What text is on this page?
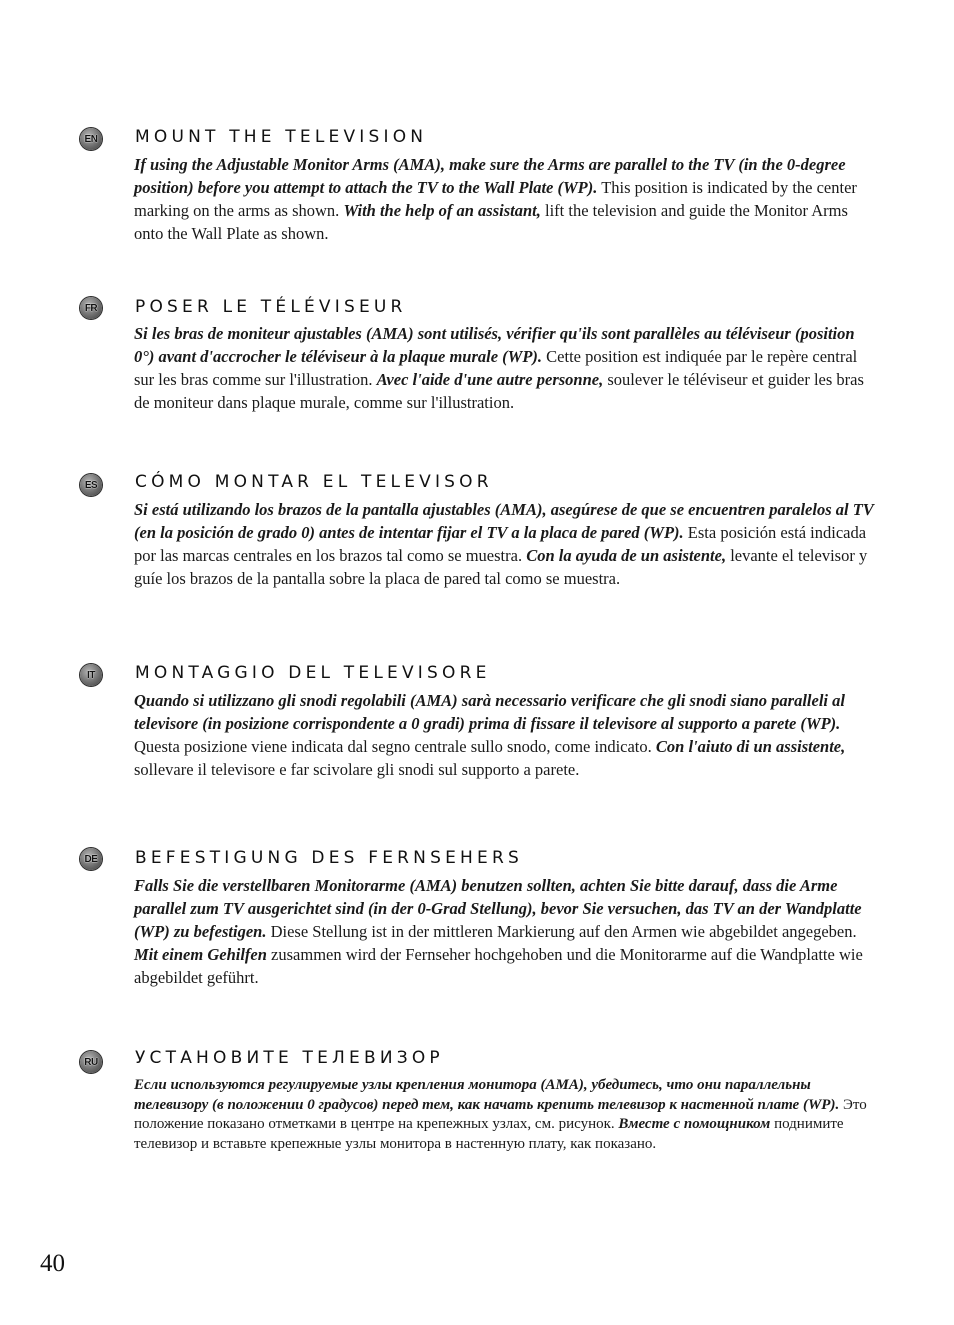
EN MOUNT THE TELEVISION
If using the Adjustable Monitor Arms (AMA), make sure the Arms are parallel to the TV (in the 0-degree position) before you attempt to attach the TV to the Wall Plate (WP). This position is indicated by the center marking on the arms as shown. With the help of an assistant, lift the television and guide the Monitor Arms onto the Wall Plate as shown.
FR POSER LE TÉLÉVISEUR
Si les bras de moniteur ajustables (AMA) sont utilisés, vérifier qu'ils sont parallèles au téléviseur (position 0°) avant d'accrocher le téléviseur à la plaque murale (WP). Cette position est indiquée par le repère central sur les bras comme sur l'illustration. Avec l'aide d'une autre personne, soulever le téléviseur et guider les bras de moniteur dans plaque murale, comme sur l'illustration.
ES CÓMO MONTAR EL TELEVISOR
Si está utilizando los brazos de la pantalla ajustables (AMA), asegúrese de que se encuentren paralelos al TV (en la posición de grado 0) antes de intentar fijar el TV a la placa de pared (WP). Esta posición está indicada por las marcas centrales en los brazos tal como se muestra. Con la ayuda de un asistente, levante el televisor y guíe los brazos de la pantalla sobre la placa de pared tal como se muestra.
IT MONTAGGIO DEL TELEVISORE
Quando si utilizzano gli snodi regolabili (AMA) sarà necessario verificare che gli snodi siano paralleli al televisore (in posizione corrispondente a 0 gradi) prima di fissare il televisore al supporto a parete (WP). Questa posizione viene indicata dal segno centrale sullo snodo, come indicato. Con l'aiuto di un assistente, sollevare il televisore e far scivolare gli snodi sul supporto a parete.
DE BEFESTIGUNG DES FERNSEHERS
Falls Sie die verstellbaren Monitorarme (AMA) benutzen sollten, achten Sie bitte darauf, dass die Arme parallel zum TV ausgerichtet sind (in der 0-Grad Stellung), bevor Sie versuchen, das TV an der Wandplatte (WP) zu befestigen. Diese Stellung ist in der mittleren Markierung auf den Armen wie abgebildet angegeben. Mit einem Gehilfen zusammen wird der Fernseher hochgehoben und die Monitorarme auf die Wandplatte wie abgebildet geführt.
RU УСТАНОВИТЕ ТЕЛЕВИЗОР
Если используются регулируемые узлы крепления монитора (AMA), убедитесь, что они параллельны телевизору (в положении 0 градусов) перед тем, как начать крепить телевизор к настенной плате (WP). Это положение показано отметками в центре на крепежных узлах, см. рисунок. Вместе с помощником поднимите телевизор и вставьте крепежные узлы монитора в настенную плату, как показано.
40
